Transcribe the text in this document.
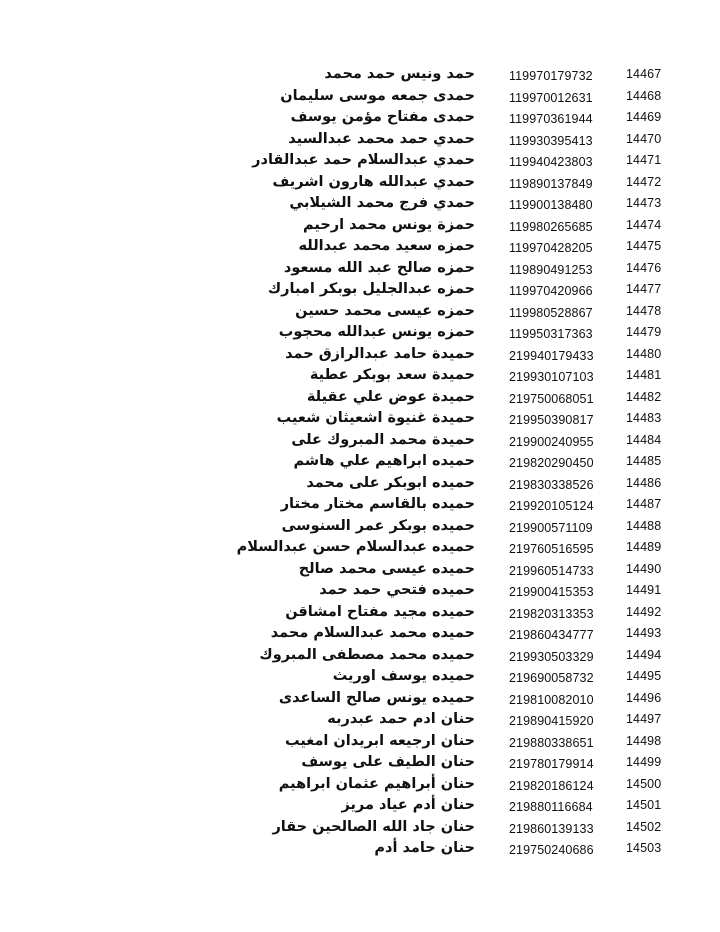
حمد ونيس حمد محمد	119970179732	14467
حمدى جمعه موسى سليمان	119970012631	14468
حمدى مفتاح مؤمن يوسف	119970361944	14469
حمدي حمد محمد عبدالسيد	119930395413	14470
حمدي عبدالسلام حمد عبدالقادر	119940423803	14471
حمدي عبدالله هارون اشريف	119890137849	14472
حمدي فرج محمد الشيلابي	119900138480	14473
حمزة يونس محمد ارحيم	119980265685	14474
حمزه سعيد محمد عبدالله	119970428205	14475
حمزه صالح عبد الله مسعود	119890491253	14476
حمزه عبدالجليل بوبكر امبارك	119970420966	14477
حمزه عيسى محمد حسين	119980528867	14478
حمزه يونس عبدالله محجوب	119950317363	14479
حميدة حامد عبدالرازق حمد	219940179433	14480
حميدة سعد بوبكر عطية	219930107103	14481
حميدة عوض علي عقيلة	219750068051	14482
حميدة غنيوة اشعيثان شعيب	219950390817	14483
حميدة محمد المبروك على	219900240955	14484
حميده ابراهيم علي هاشم	219820290450	14485
حميده ابوبكر على محمد	219830338526	14486
حميده بالقاسم مختار مختار	219920105124	14487
حميده بوبكر عمر السنوسى	219900571109	14488
حميده عبدالسلام حسن عبدالسلام	219760516595	14489
حميده عيسى محمد صالح	219960514733	14490
حميده فتحي حمد حمد	219900415353	14491
حميده مجيد مفتاح امشاقن	219820313353	14492
حميده محمد عبدالسلام محمد	219860434777	14493
حميده محمد مصطفى المبروك	219930503329	14494
حميده يوسف اوريث	219690058732	14495
حميده يونس صالح الساعدى	219810082010	14496
حنان ادم حمد عبدربه	219890415920	14497
حنان ارجيعه ابريدان امغيب	219880338651	14498
حنان الطيف على يوسف	219780179914	14499
حنان أبراهيم عثمان ابراهيم	219820186124	14500
حنان أدم عياد مريز	219880116684	14501
حنان جاد الله الصالحين حقار	219860139133	14502
حنان حامد أدم	219750240686	14503
